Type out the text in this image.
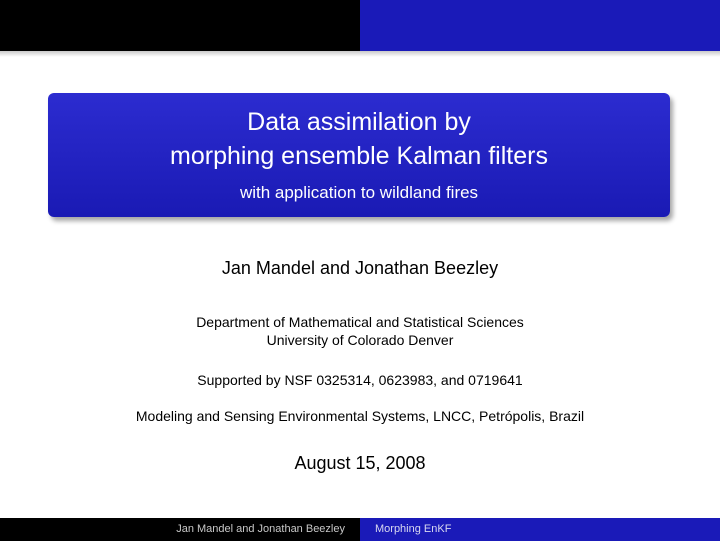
Data assimilation by
morphing ensemble Kalman filters
with application to wildland fires
Jan Mandel and Jonathan Beezley
Department of Mathematical and Statistical Sciences
University of Colorado Denver
Supported by NSF 0325314, 0623983, and 0719641
Modeling and Sensing Environmental Systems, LNCC, Petrópolis, Brazil
August 15, 2008
Jan Mandel and Jonathan Beezley	Morphing EnKF
